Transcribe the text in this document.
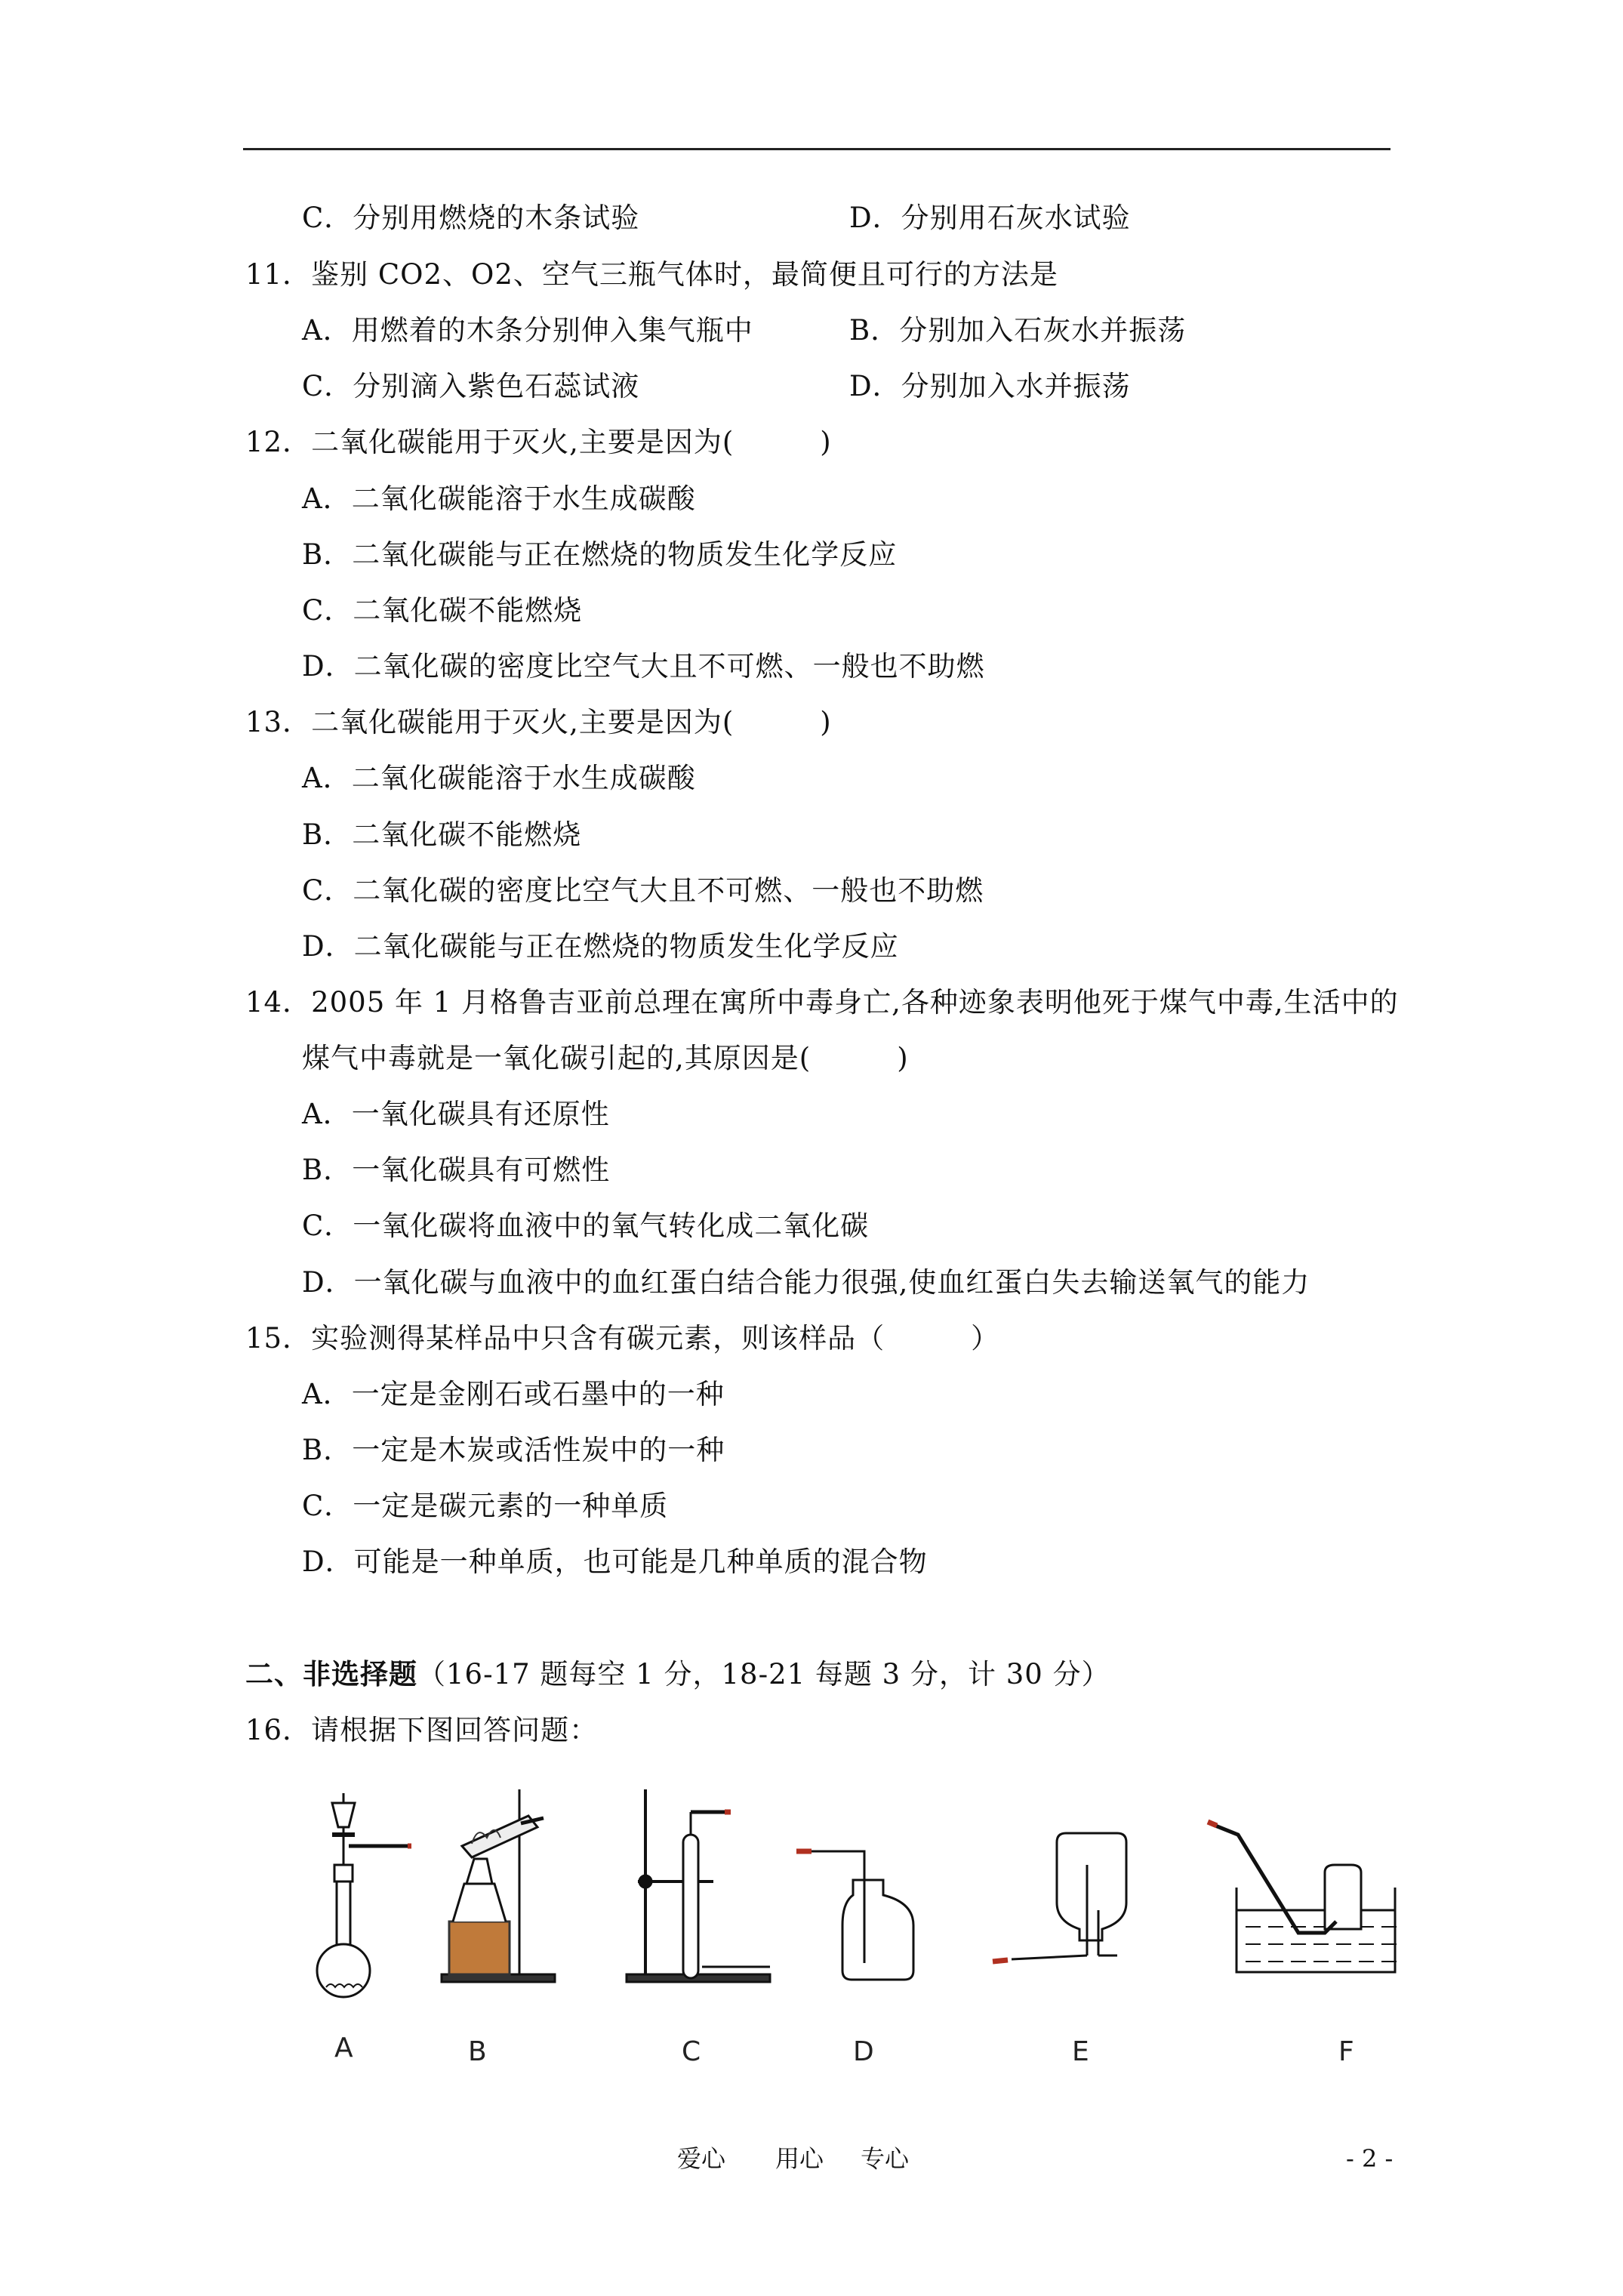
C．分别用燃烧的木条试验	D．分别用石灰水试验
11．鉴别 CO2、O2、空气三瓶气体时，最简便且可行的方法是
A．用燃着的木条分别伸入集气瓶中	B．分别加入石灰水并振荡
C．分别滴入紫色石蕊试液	D．分别加入水并振荡
12．二氧化碳能用于灭火,主要是因为(　　　)
A．二氧化碳能溶于水生成碳酸
B．二氧化碳能与正在燃烧的物质发生化学反应
C．二氧化碳不能燃烧
D．二氧化碳的密度比空气大且不可燃、一般也不助燃
13．二氧化碳能用于灭火,主要是因为(　　　)
A．二氧化碳能溶于水生成碳酸
B．二氧化碳不能燃烧
C．二氧化碳的密度比空气大且不可燃、一般也不助燃
D．二氧化碳能与正在燃烧的物质发生化学反应
14．2005 年 1 月格鲁吉亚前总理在寓所中毒身亡,各种迹象表明他死于煤气中毒,生活中的
煤气中毒就是一氧化碳引起的,其原因是(　　　)
A．一氧化碳具有还原性
B．一氧化碳具有可燃性
C．一氧化碳将血液中的氧气转化成二氧化碳
D．一氧化碳与血液中的血红蛋白结合能力很强,使血红蛋白失去输送氧气的能力
15．实验测得某样品中只含有碳元素，则该样品（　　　）
A．一定是金刚石或石墨中的一种
B．一定是木炭或活性炭中的一种
C．一定是碳元素的一种单质
D．可能是一种单质，也可能是几种单质的混合物
二、非选择题（16-17 题每空 1 分，18-21 每题 3 分，计 30 分）
16．请根据下图回答问题：
A	B	C	D	E	F
爱心 用心 专心	- 2 -
